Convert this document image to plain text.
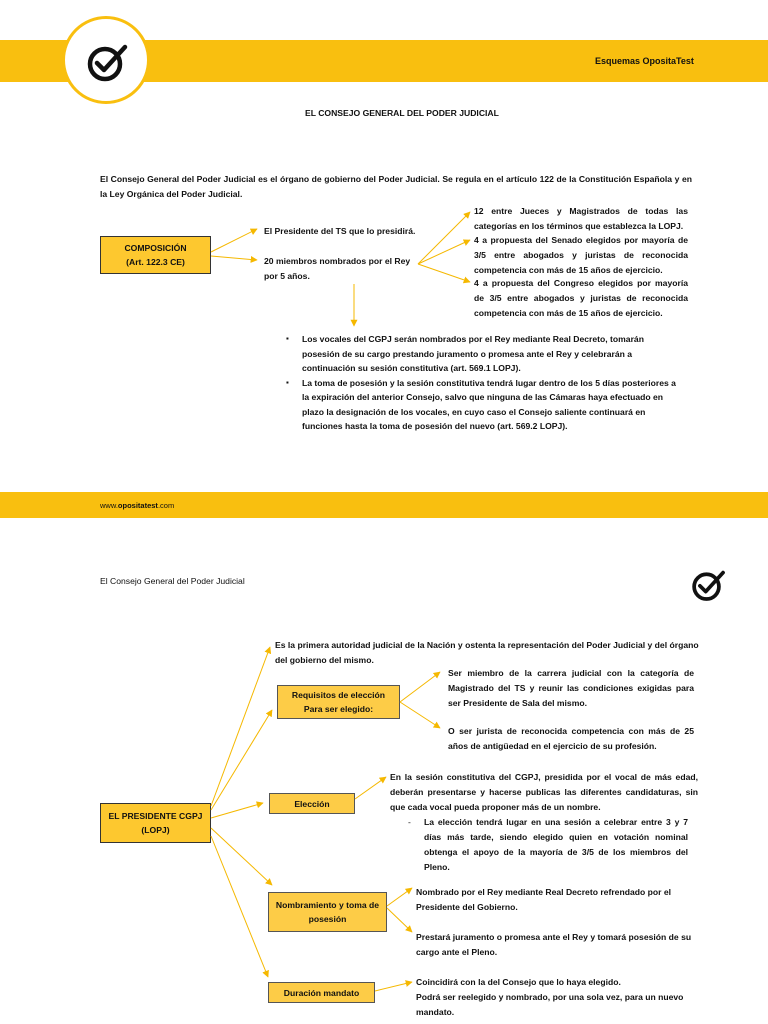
Esquemas OpositaTest
EL CONSEJO GENERAL DEL PODER JUDICIAL
El Consejo General del Poder Judicial es el órgano de gobierno del Poder Judicial. Se regula en el artículo 122 de la Constitución Española y en la Ley Orgánica del Poder Judicial.
COMPOSICIÓN
(Art. 122.3 CE)
El Presidente del TS que lo presidirá.
20 miembros nombrados por el Rey por 5 años.
12 entre Jueces y Magistrados de todas las categorías en los términos que establezca la LOPJ.
4 a propuesta del Senado elegidos por mayoría de 3/5 entre abogados y juristas de reconocida competencia con más de 15 años de ejercicio.
4 a propuesta del Congreso elegidos por mayoría de 3/5 entre abogados y juristas de reconocida competencia con más de 15 años de ejercicio.
▪ Los vocales del CGPJ serán nombrados por el Rey mediante Real Decreto, tomarán posesión de su cargo prestando juramento o promesa ante el Rey y celebrarán a continuación su sesión constitutiva (art. 569.1 LOPJ).
▪ La toma de posesión y la sesión constitutiva tendrá lugar dentro de los 5 días posteriores a la expiración del anterior Consejo, salvo que ninguna de las Cámaras haya efectuado en plazo la designación de los vocales, en cuyo caso el Consejo saliente continuará en funciones hasta la toma de posesión del nuevo (art. 569.2 LOPJ).
www.opositatest.com
El Consejo General del Poder Judicial
EL PRESIDENTE CGPJ
(LOPJ)
Es la primera autoridad judicial de la Nación y ostenta la representación del Poder Judicial y del órgano del gobierno del mismo.
Requisitos de elección
Para ser elegido:
Ser miembro de la carrera judicial con la categoría de Magistrado del TS y reunir las condiciones exigidas para ser Presidente de Sala del mismo.
O ser jurista de reconocida competencia con más de 25 años de antigüedad en el ejercicio de su profesión.
Elección
En la sesión constitutiva del CGPJ, presidida por el vocal de más edad, deberán presentarse y hacerse publicas las diferentes candidaturas, sin que cada vocal pueda proponer más de un nombre.
- La elección tendrá lugar en una sesión a celebrar entre 3 y 7 días más tarde, siendo elegido quien en votación nominal obtenga el apoyo de la mayoría de 3/5 de los miembros del Pleno.
Nombramiento y toma de
posesión
Nombrado por el Rey mediante Real Decreto refrendado por el Presidente del Gobierno.
Prestará juramento o promesa ante el Rey y tomará posesión de su cargo ante el Pleno.
Duración mandato
Coincidirá con la del Consejo que lo haya elegido.
Podrá ser reelegido y nombrado, por una sola vez, para un nuevo mandato.
